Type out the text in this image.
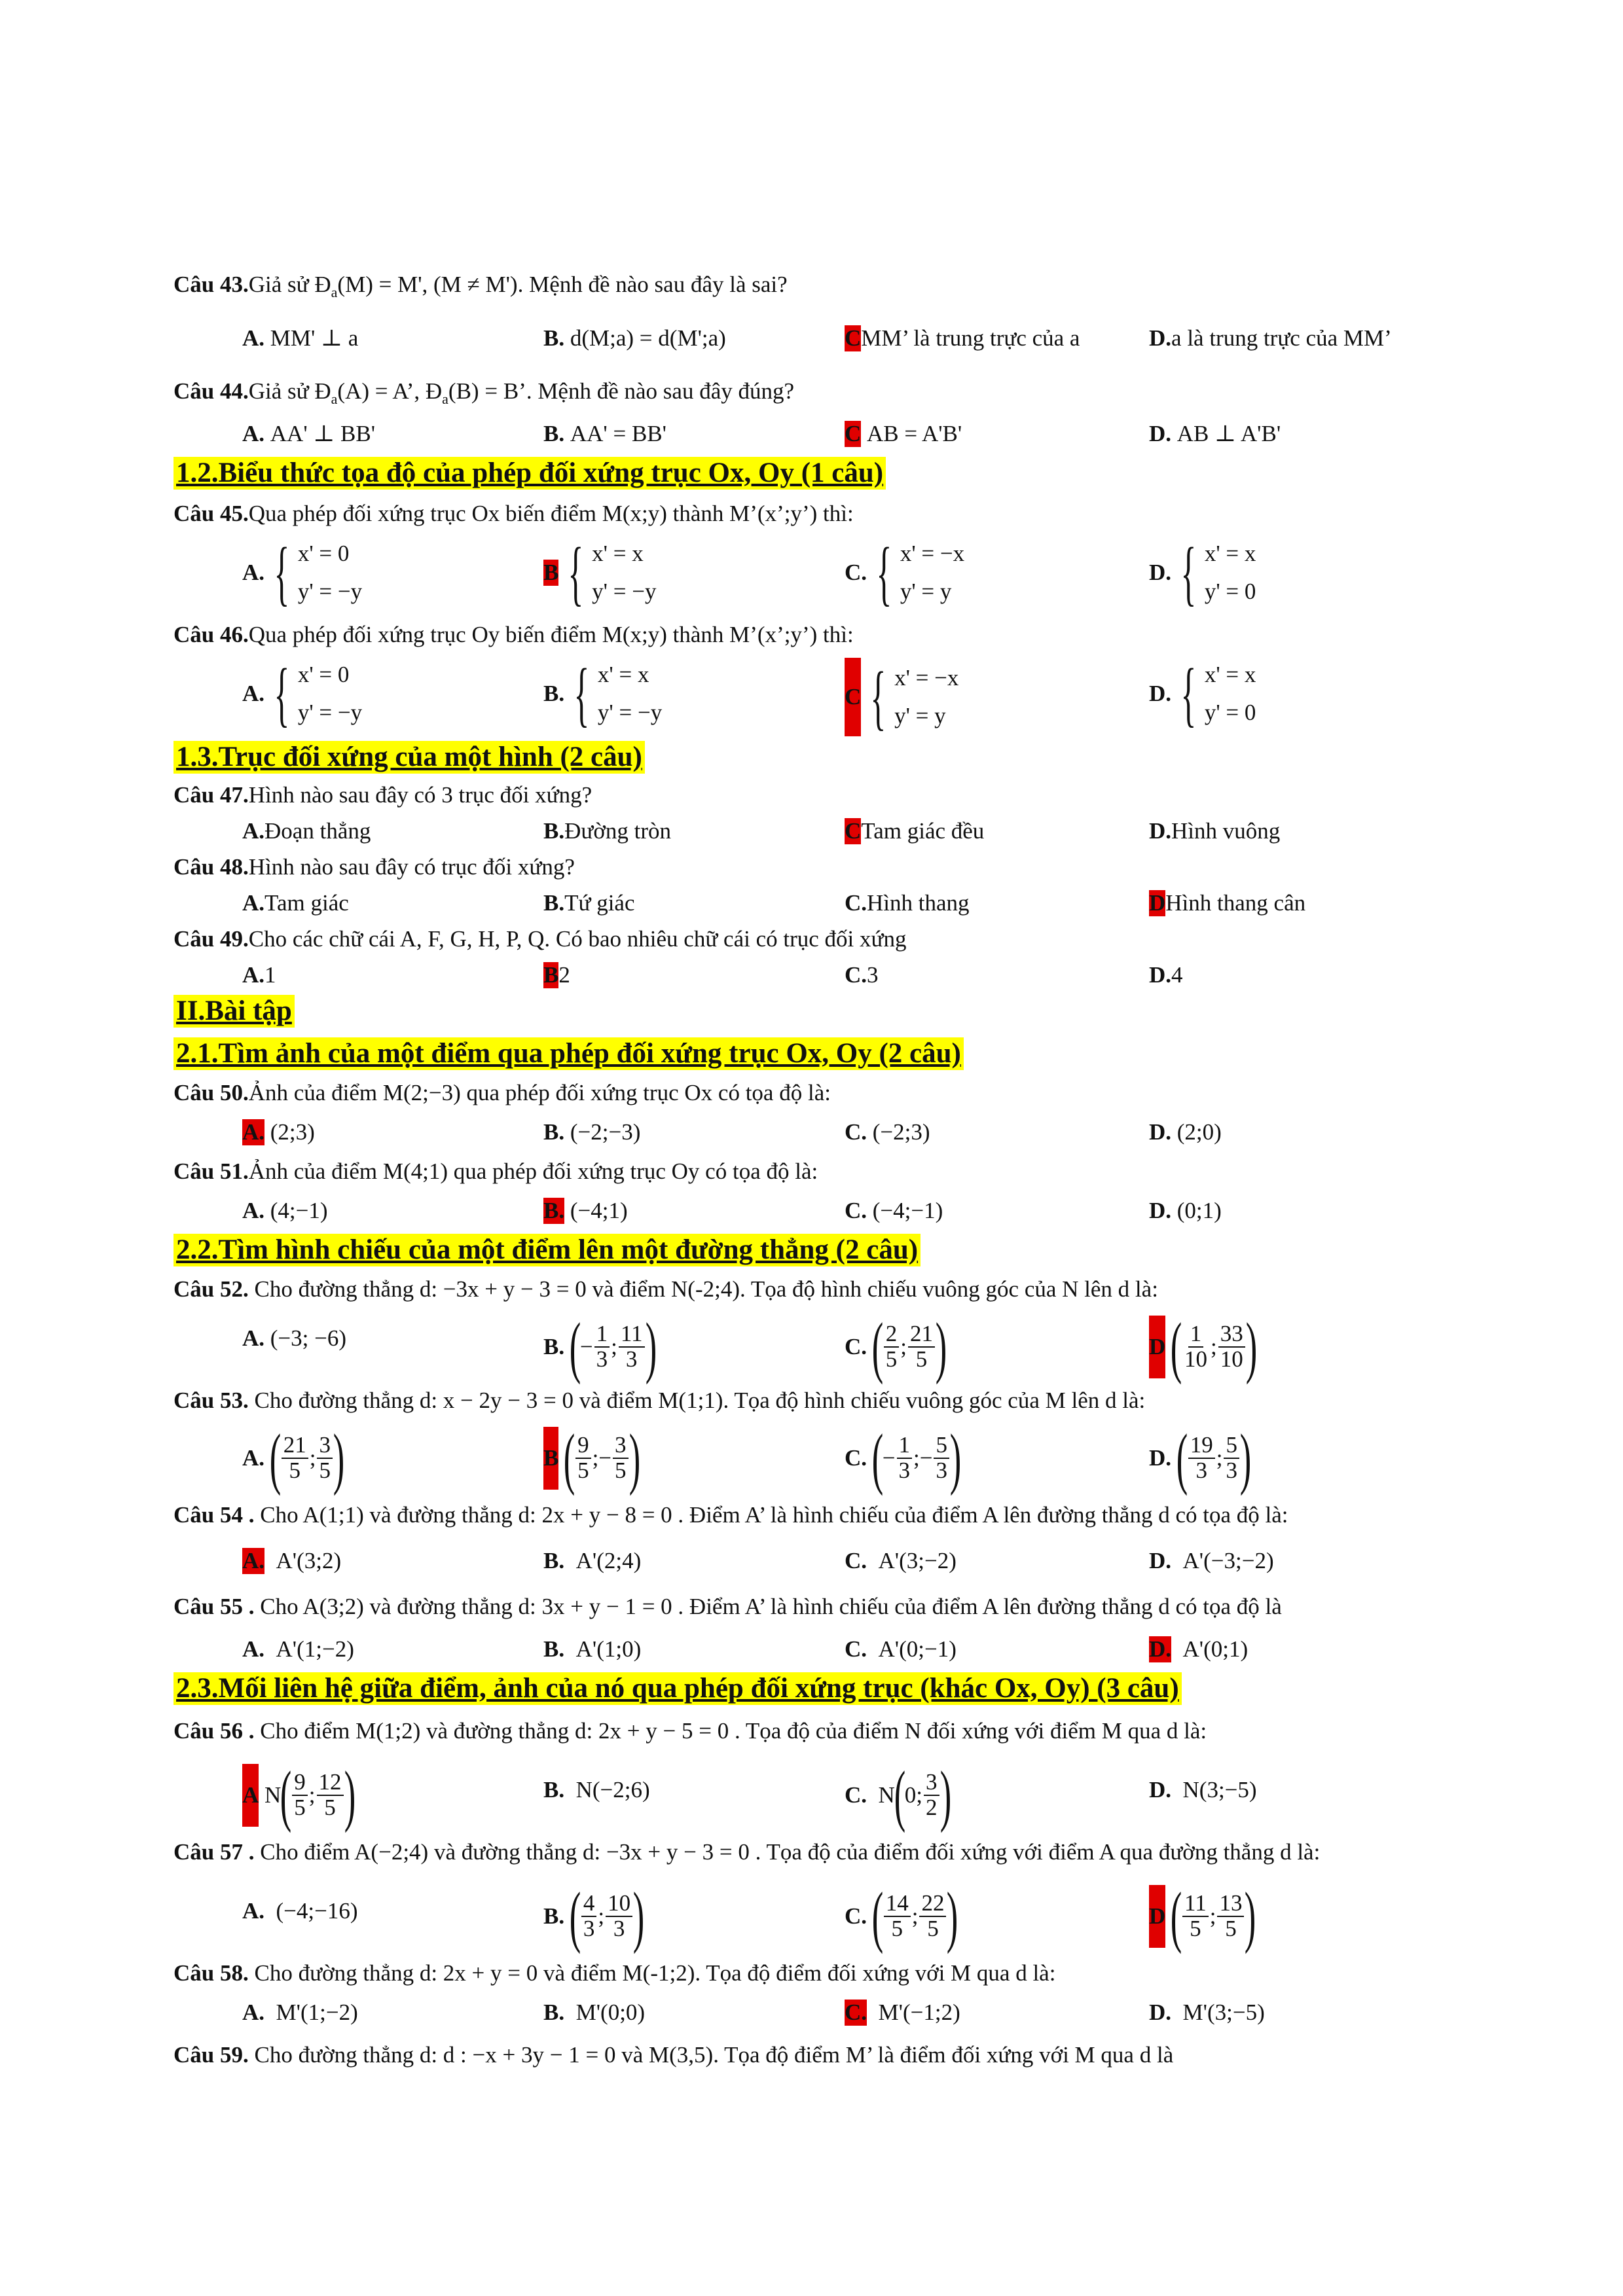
Câu 43.Giả sử $Đ_a(M) = M'$, (M ≠ M'). Mệnh đề nào sau đây là sai?
A.
MM' ⊥ a	B.
d(M;a) = d(M';a)	C MM’ là trung trực của a	D. a là trung trực của MM’
Câu 44.Giả sử $Đ_a(A) = A$’, $Đ_a(B) = B$’. Mệnh đề nào sau đây đúng?
A.
AA' ⊥ BB'	B.
AA' = BB'	C
AB = A'B'	D.
AB ⊥ A'B'
1.2.Biểu thức tọa độ của phép đối xứng trục Ox, Oy (1 câu)
Câu 45.Qua phép đối xứng trục Ox biến điểm M(x;y) thành M’(x’;y’) thì:
A. { x' = 0
y' = −y
B { x' = x
y' = −y
C. { x' = −x
y' = y
D. { x' = x
y' = 0
Câu 46.Qua phép đối xứng trục Oy biến điểm M(x;y) thành M’(x’;y’) thì:
A. { x' = 0
y' = −y
B. { x' = x
y' = −y
C { x' = −x
y' = y
D. { x' = x
y' = 0
1.3.Trục đối xứng của một hình (2 câu)
Câu 47.Hình nào sau đây có 3 trục đối xứng?
A. Đoạn thẳng	B. Đường tròn	C Tam giác đều	D. Hình vuông
Câu 48.Hình nào sau đây có trục đối xứng?
A. Tam giác	B. Tứ giác	C. Hình thang	D Hình thang cân
Câu 49.Cho các chữ cái A, F, G, H, P, Q. Có bao nhiêu chữ cái có trục đối xứng
A. 1	B 2	C. 3	D. 4
II.Bài tập
2.1.Tìm ảnh của một điểm qua phép đối xứng trục Ox, Oy (2 câu)
Câu 50.Ảnh của điểm M(2;−3) qua phép đối xứng trục Ox có tọa độ là:
A.
(2;3)	B.
(−2;−3)	C.
(−2;3)	D.
(2;0)
Câu 51.Ảnh của điểm M(4;1) qua phép đối xứng trục Oy có tọa độ là:
A.
(4;−1)	B.
(−4;1)	C.
(−4;−1)	D.
(0;1)
2.2.Tìm hình chiếu của một điểm lên một đường thẳng (2 câu)
Câu 52. Cho đường thẳng d: −3x + y − 3 = 0 và điểm N(-2;4). Tọa độ hình chiếu vuông góc của N lên d là:
A.
(−3; −6)	B.
(
− $\frac{1}{3}$ ; $\frac{11}{3}$ )	C.
( $\frac{2}{5}$ ; $\frac{21}{5}$ )	D
( $\frac{1}{10}$ ; $\frac{33}{10}$ )
Câu 53. Cho đường thẳng d: x − 2y − 3 = 0 và điểm M(1;1). Tọa độ hình chiếu vuông góc của M lên d là:
A.
( $\frac{21}{5}$ ; $\frac{3}{5}$ )	B
( $\frac{9}{5}$ ;− $\frac{3}{5}$ )	C.
(
− $\frac{1}{3}$ ;− $\frac{5}{3}$ )	D.
( $\frac{19}{3}$ ; $\frac{5}{3}$ )
Câu 54 . Cho A(1;1) và đường thẳng d: 2x + y − 8 = 0 . Điểm A’ là hình chiếu của điểm A lên đường thẳng d có tọa độ là:
A.
A'(3;2)	B.
A'(2;4)	C.
A'(3;−2)	D.
A'(−3;−2)
Câu 55 . Cho A(3;2) và đường thẳng d: 3x + y − 1 = 0 . Điểm A’ là hình chiếu của điểm A lên đường thẳng d có tọa độ là
A.
A'(1;−2)	B.
A'(1;0)	C.
A'(0;−1)	D.
A'(0;1)
2.3.Mối liên hệ giữa điểm, ảnh của nó qua phép đối xứng trục (khác Ox, Oy) (3 câu)
Câu 56 . Cho điểm M(1;2) và đường thẳng d: 2x + y − 5 = 0 . Tọa độ của điểm N đối xứng với điểm M qua d là:
A
N
( $\frac{9}{5}$ ; $\frac{12}{5}$ )	B.
N(−2;6)	C. N
(
0; $\frac{3}{2}$ )	D.
N(3;−5)
Câu 57 . Cho điểm A(−2;4) và đường thẳng d: −3x + y − 3 = 0 . Tọa độ của điểm đối xứng với điểm A qua đường thẳng d là:
A.
(−4;−16)	B.
( $\frac{4}{3}$ ; $\frac{10}{3}$ )	C.
( $\frac{14}{5}$ ; $\frac{22}{5}$ )	D
( $\frac{11}{5}$ ; $\frac{13}{5}$ )
Câu 58. Cho đường thẳng d: 2x + y = 0 và điểm M(-1;2). Tọa độ điểm đối xứng với M qua d là:
A.
M'(1;−2)	B.
M'(0;0)	C.
M'(−1;2)	D.
M'(3;−5)
Câu 59. Cho đường thẳng d: d : −x + 3y − 1 = 0 và M(3,5). Tọa độ điểm M’ là điểm đối xứng với M qua d là
